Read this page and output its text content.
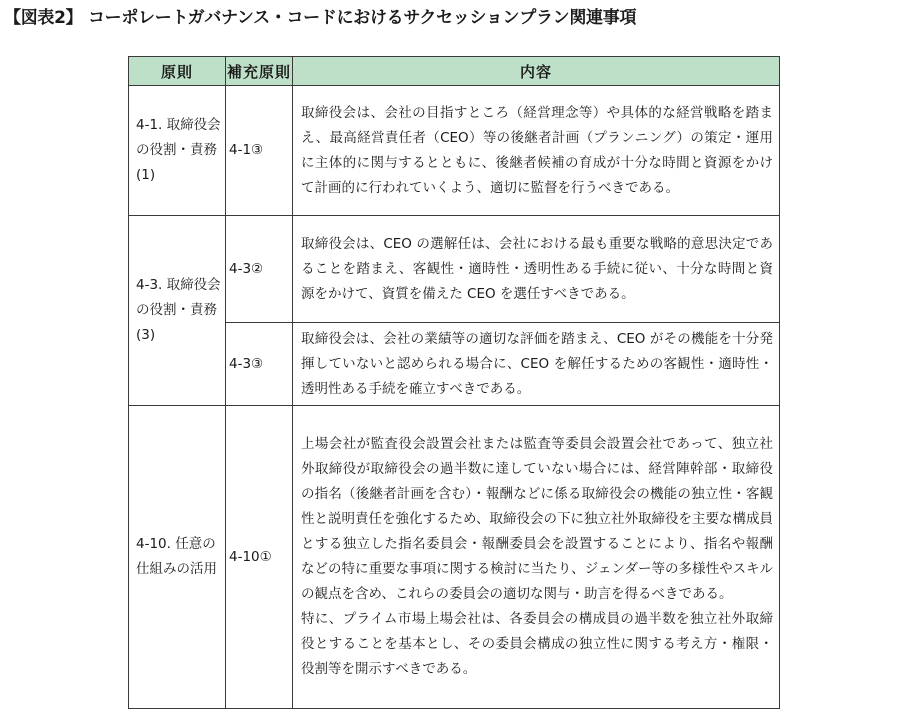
【図表2】 コーポレートガバナンス・コードにおけるサクセッションプラン関連事項
原則	補充原則	内容
4-1. 取締役会の役割・責務(1)	4-1③	取締役会は、会社の目指すところ（経営理念等）や具体的な経営戦略を踏まえ、最高経営責任者（CEO）等の後継者計画（プランニング）の策定・運用に主体的に関与するとともに、後継者候補の育成が十分な時間と資源をかけて計画的に行われていくよう、適切に監督を行うべきである。

4-3. 取締役会の役割・責務(3)	4-3②	取締役会は、CEO の選解任は、会社における最も重要な戦略的意思決定であることを踏まえ、客観性・適時性・透明性ある手続に従い、十分な時間と資源をかけて、資質を備えた CEO を選任すべきである。

	4-3③	取締役会は、会社の業績等の適切な評価を踏まえ、CEO がその機能を十分発揮していないと認められる場合に、CEO を解任するための客観性・適時性・透明性ある手続を確立すべきである。

4-10. 任意の仕組みの活用	4-10①	上場会社が監査役会設置会社または監査等委員会設置会社であって、独立社外取締役が取締役会の過半数に達していない場合には、経営陣幹部・取締役の指名（後継者計画を含む）・報酬などに係る取締役会の機能の独立性・客観性と説明責任を強化するため、取締役会の下に独立社外取締役を主要な構成員とする独立した指名委員会・報酬委員会を設置することにより、指名や報酬などの特に重要な事項に関する検討に当たり、ジェンダー等の多様性やスキルの観点を含め、これらの委員会の適切な関与・助言を得るべきである。

特に、プライム市場上場会社は、各委員会の構成員の過半数を独立社外取締役とすることを基本とし、その委員会構成の独立性に関する考え方・権限・役割等を開示すべきである。
